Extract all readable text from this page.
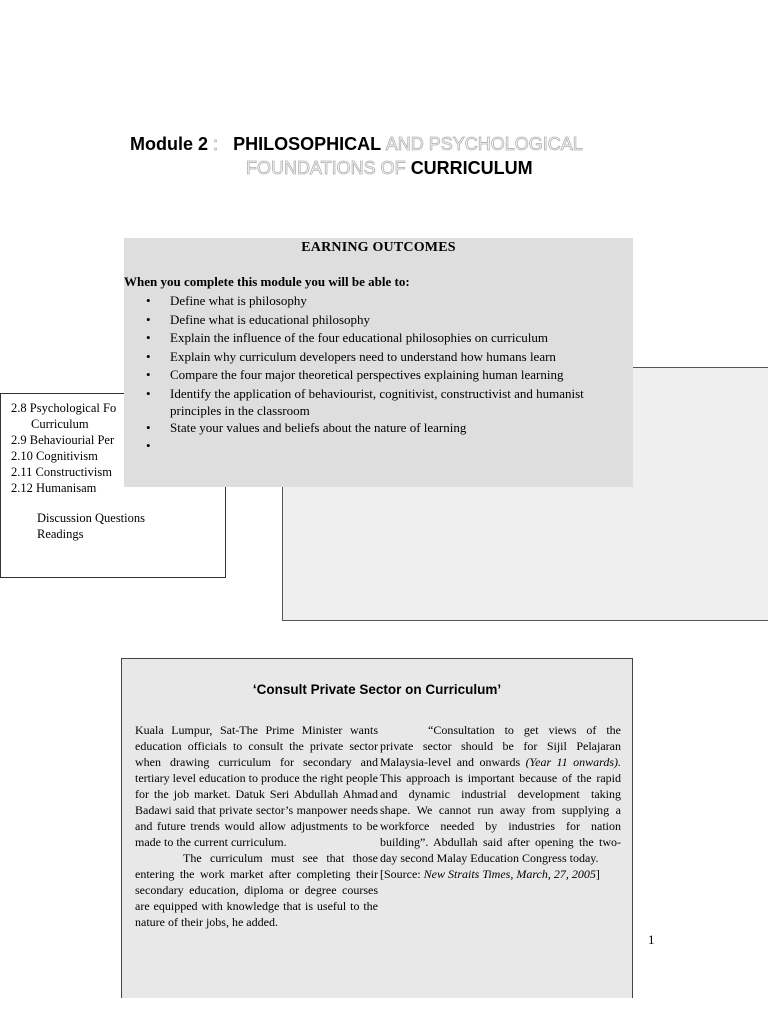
Module 2 : PHILOSOPHICAL AND PSYCHOLOGICAL
FOUNDATIONS OF CURRICULUM
2.8 Psychological Fo
Curriculum
2.9 Behaviourial Per
2.10 Cognitivism
2.11 Constructivism
2.12 Humanisam
Discussion Questions
Readings
EARNING OUTCOMES

When you complete this module you will be able to:

• Define what is philosophy
• Define what is educational philosophy
• Explain the influence of the four educational philosophies on curriculum
• Explain why curriculum developers need to understand how humans learn
• Compare the four major theoretical perspectives explaining human learning
• Identify the application of behaviourist, cognitivist, constructivist and humanist principles in the classroom
• State your values and beliefs about the nature of learning
•
‘Consult Private Sector on Curriculum’

Kuala Lumpur, Sat-The Prime Minister wants education officials to consult the private sector when drawing curriculum for secondary and tertiary level education to produce the right people for the job market. Datuk Seri Abdullah Ahmad Badawi said that private sector’s manpower needs and future trends would allow adjustments to be made to the current curriculum.

The curriculum must see that those entering the work market after completing their secondary education, diploma or degree courses are equipped with knowledge that is useful to the nature of their jobs, he added.

“Consultation to get views of the private sector should be for Sijil Pelajaran Malaysia-level and onwards (Year 11 onwards). This approach is important because of the rapid and dynamic industrial development taking shape. We cannot run away from supplying a workforce needed by industries for nation building”. Abdullah said after opening the two-day second Malay Education Congress today.

[Source: New Straits Times, March, 27, 2005]

1
